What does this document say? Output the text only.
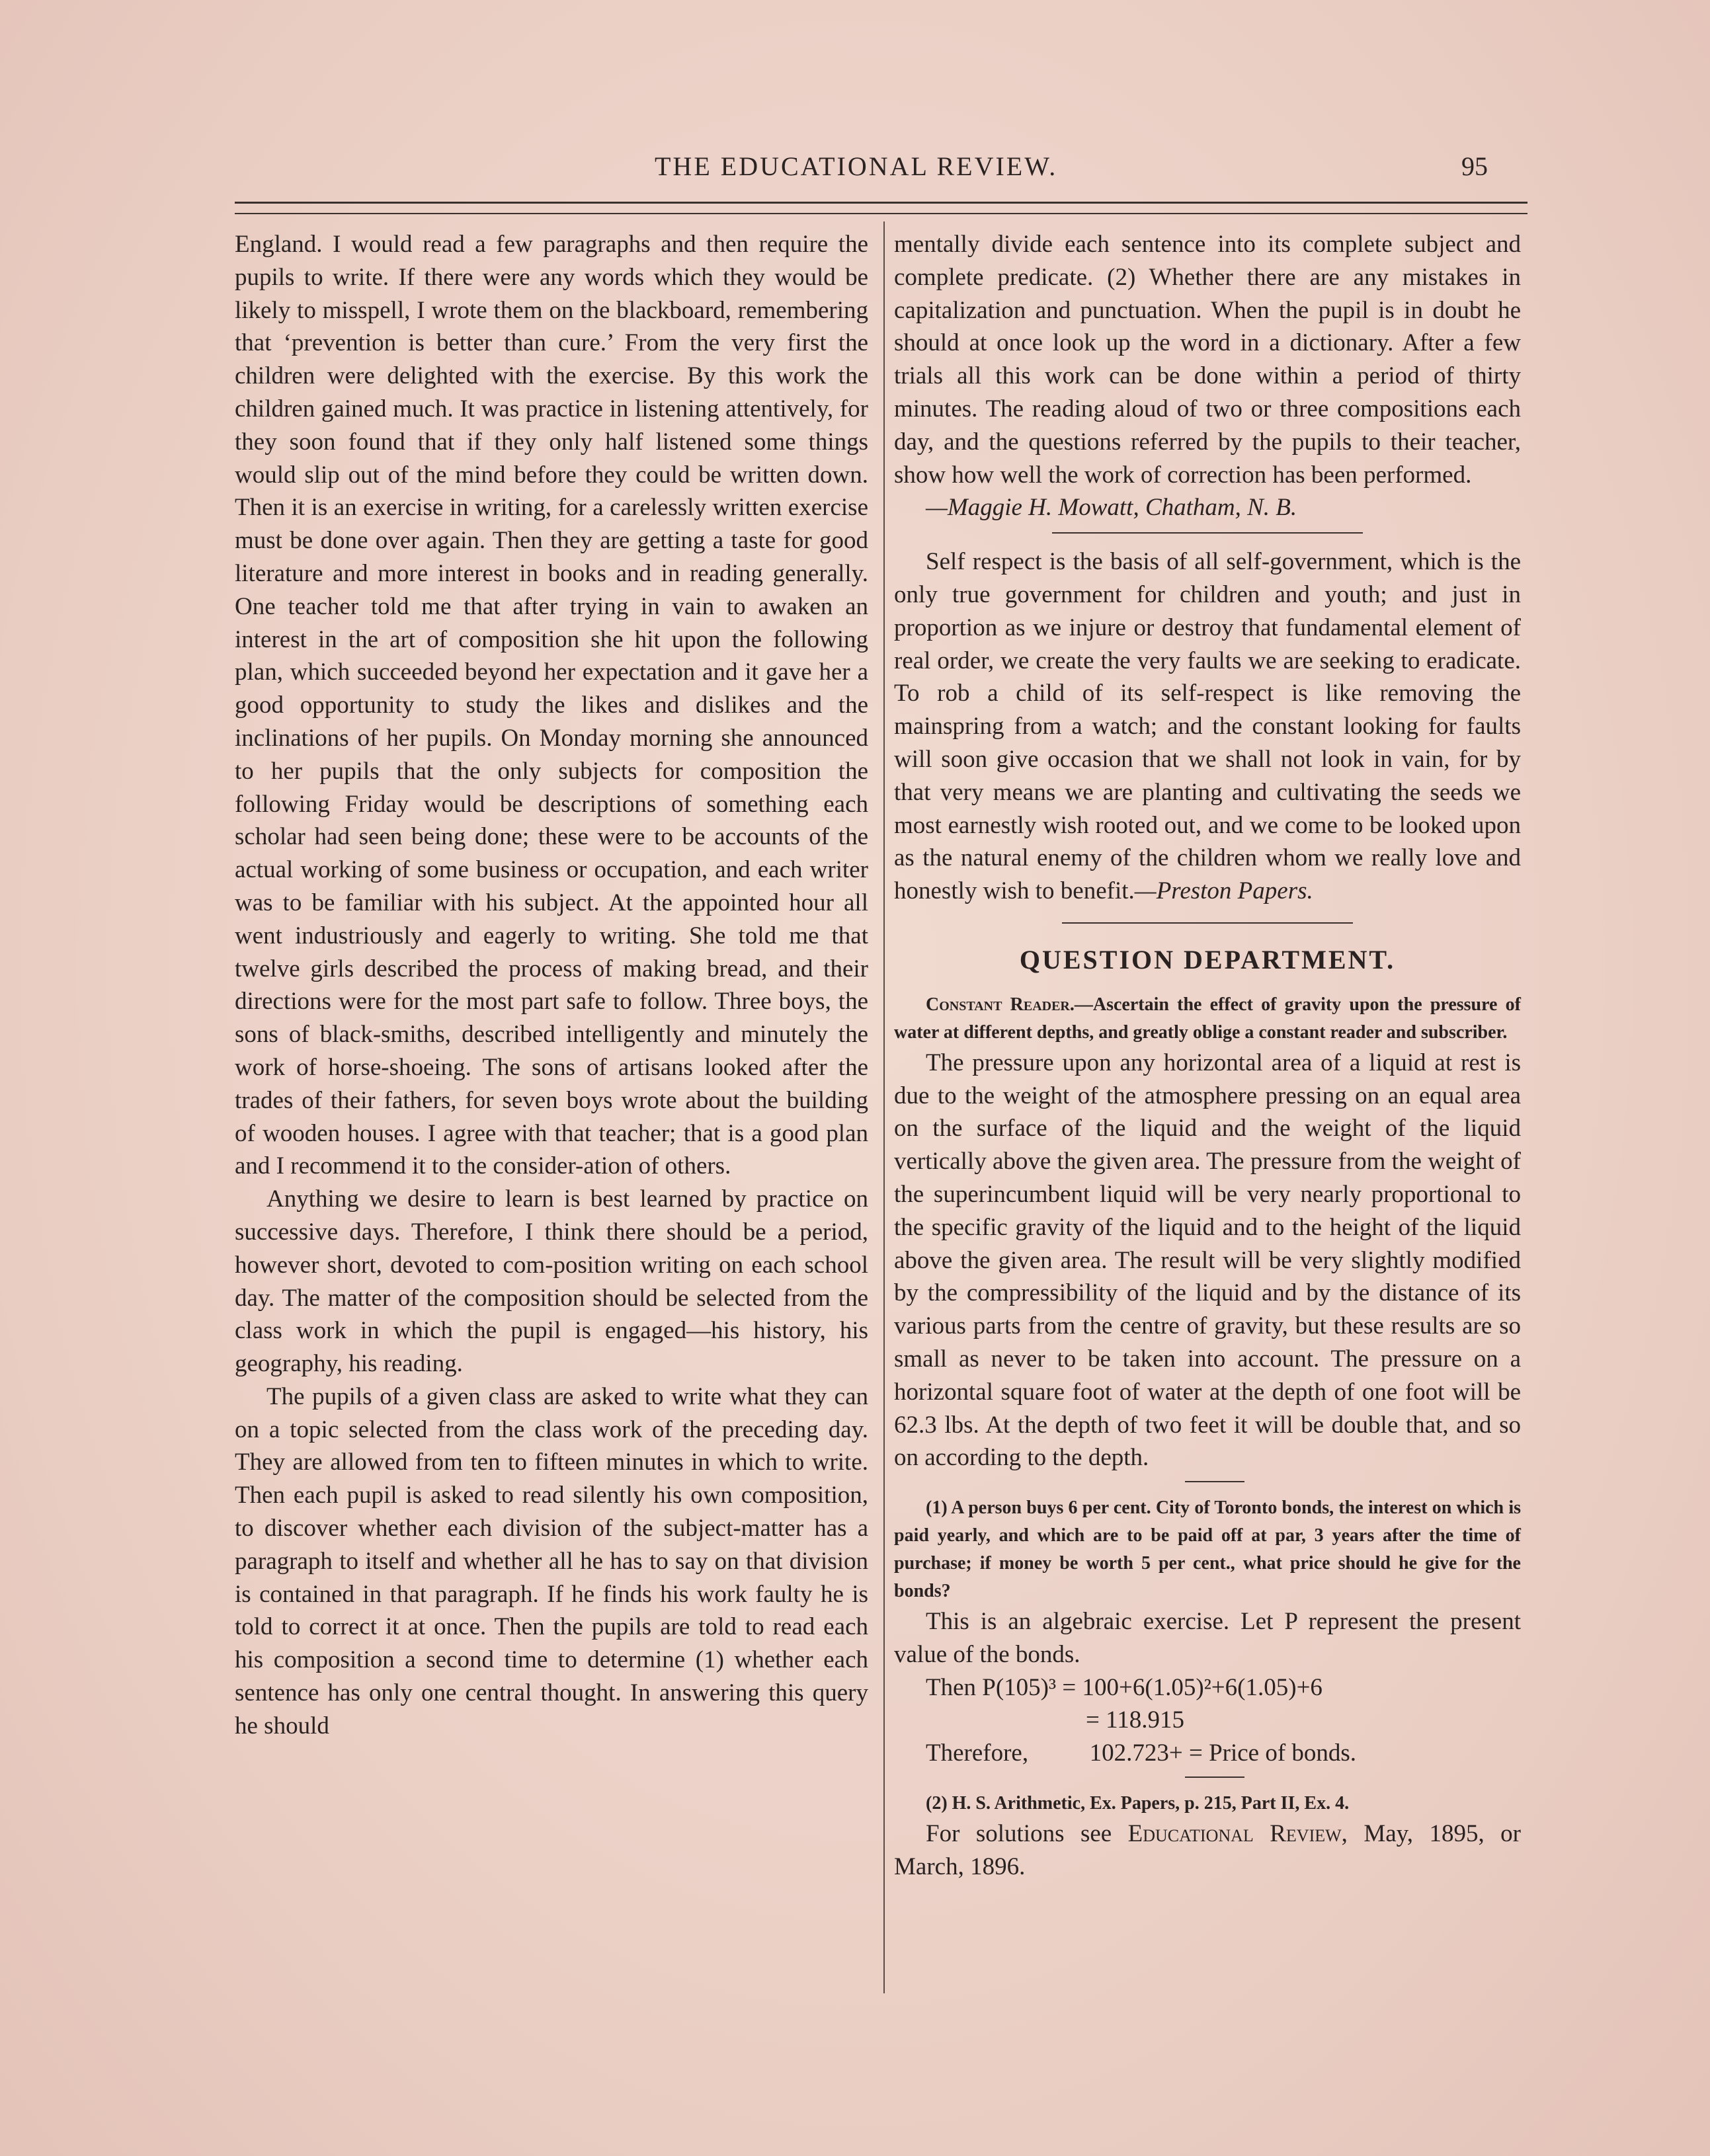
THE EDUCATIONAL REVIEW.	95

England. I would read a few paragraphs and then require the pupils to write. If there were any words which they would be likely to misspell, I wrote them on the blackboard, remembering that ‘prevention is better than cure.’ From the very first the children were delighted with the exercise. By this work the children gained much. It was practice in listening attentively, for they soon found that if they only half listened some things would slip out of the mind before they could be written down. Then it is an exercise in writing, for a carelessly written exercise must be done over again. Then they are getting a taste for good literature and more interest in books and in reading generally. One teacher told me that after trying in vain to awaken an interest in the art of composition she hit upon the following plan, which succeeded beyond her expectation and it gave her a good opportunity to study the likes and dislikes and the inclinations of her pupils. On Monday morning she announced to her pupils that the only subjects for composition the following Friday would be descriptions of something each scholar had seen being done; these were to be accounts of the actual working of some business or occupation, and each writer was to be familiar with his subject. At the appointed hour all went industriously and eagerly to writing. She told me that twelve girls described the process of making bread, and their directions were for the most part safe to follow. Three boys, the sons of black-smiths, described intelligently and minutely the work of horse-shoeing. The sons of artisans looked after the trades of their fathers, for seven boys wrote about the building of wooden houses. I agree with that teacher; that is a good plan and I recommend it to the consider-ation of others.

Anything we desire to learn is best learned by practice on successive days. Therefore, I think there should be a period, however short, devoted to com-position writing on each school day. The matter of the composition should be selected from the class work in which the pupil is engaged—his history, his geography, his reading.

The pupils of a given class are asked to write what they can on a topic selected from the class work of the preceding day. They are allowed from ten to fifteen minutes in which to write. Then each pupil is asked to read silently his own composition, to discover whether each division of the subject-matter has a paragraph to itself and whether all he has to say on that division is contained in that paragraph. If he finds his work faulty he is told to correct it at once. Then the pupils are told to read each his composition a second time to determine (1) whether each sentence has only one central thought. In answering this query he should

mentally divide each sentence into its complete subject and complete predicate. (2) Whether there are any mistakes in capitalization and punctuation. When the pupil is in doubt he should at once look up the word in a dictionary. After a few trials all this work can be done within a period of thirty minutes. The reading aloud of two or three compositions each day, and the questions referred by the pupils to their teacher, show how well the work of correction has been performed.

—Maggie H. Mowatt, Chatham, N. B.

Self respect is the basis of all self-government, which is the only true government for children and youth; and just in proportion as we injure or destroy that fundamental element of real order, we create the very faults we are seeking to eradicate. To rob a child of its self-respect is like removing the mainspring from a watch; and the constant looking for faults will soon give occasion that we shall not look in vain, for by that very means we are planting and cultivating the seeds we most earnestly wish rooted out, and we come to be looked upon as the natural enemy of the children whom we really love and honestly wish to benefit.—Preston Papers.

QUESTION DEPARTMENT.

Constant Reader.—Ascertain the effect of gravity upon the pressure of water at different depths, and greatly oblige a constant reader and subscriber.

The pressure upon any horizontal area of a liquid at rest is due to the weight of the atmosphere pressing on an equal area on the surface of the liquid and the weight of the liquid vertically above the given area. The pressure from the weight of the superincumbent liquid will be very nearly proportional to the specific gravity of the liquid and to the height of the liquid above the given area. The result will be very slightly modified by the compressibility of the liquid and by the distance of its various parts from the centre of gravity, but these results are so small as never to be taken into account. The pressure on a horizontal square foot of water at the depth of one foot will be 62.3 lbs. At the depth of two feet it will be double that, and so on according to the depth.

(1) A person buys 6 per cent. City of Toronto bonds, the interest on which is paid yearly, and which are to be paid off at par, 3 years after the time of purchase; if money be worth 5 per cent., what price should he give for the bonds?

This is an algebraic exercise. Let P represent the present value of the bonds.

Then P(105)³ = 100+6(1.05)²+6(1.05)+6

= 118.915

Therefore,          102.723+ = Price of bonds.

(2) H. S. Arithmetic, Ex. Papers, p. 215, Part II, Ex. 4.

For solutions see Educational Review, May, 1895, or March, 1896.
